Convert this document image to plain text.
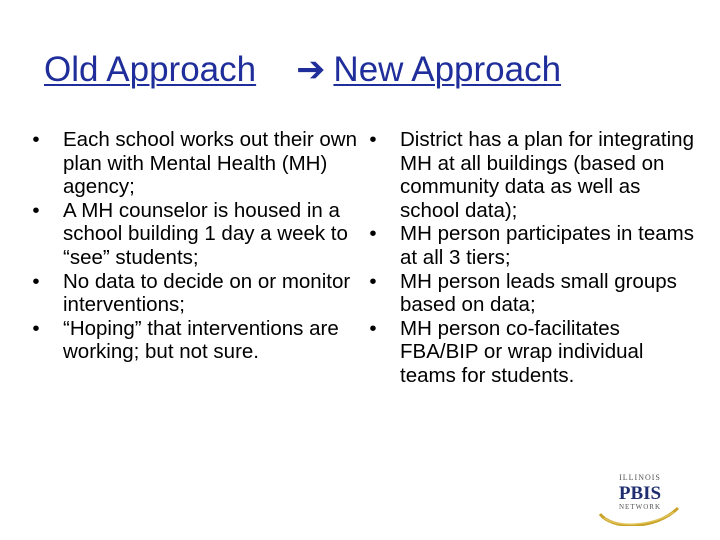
Old Approach ➔ New Approach
• Each school works out their own plan with Mental Health (MH) agency;
• A MH counselor is housed in a school building 1 day a week to “see” students;
• No data to decide on or monitor interventions;
• “Hoping” that interventions are working; but not sure.
• District has a plan for integrating MH at all buildings (based on community data as well as school data);
• MH person participates in teams at all 3 tiers;
• MH person leads small groups based on data;
• MH person co-facilitates FBA/BIP or wrap individual teams for students.
ILLINOIS
PBIS
NETWORK
